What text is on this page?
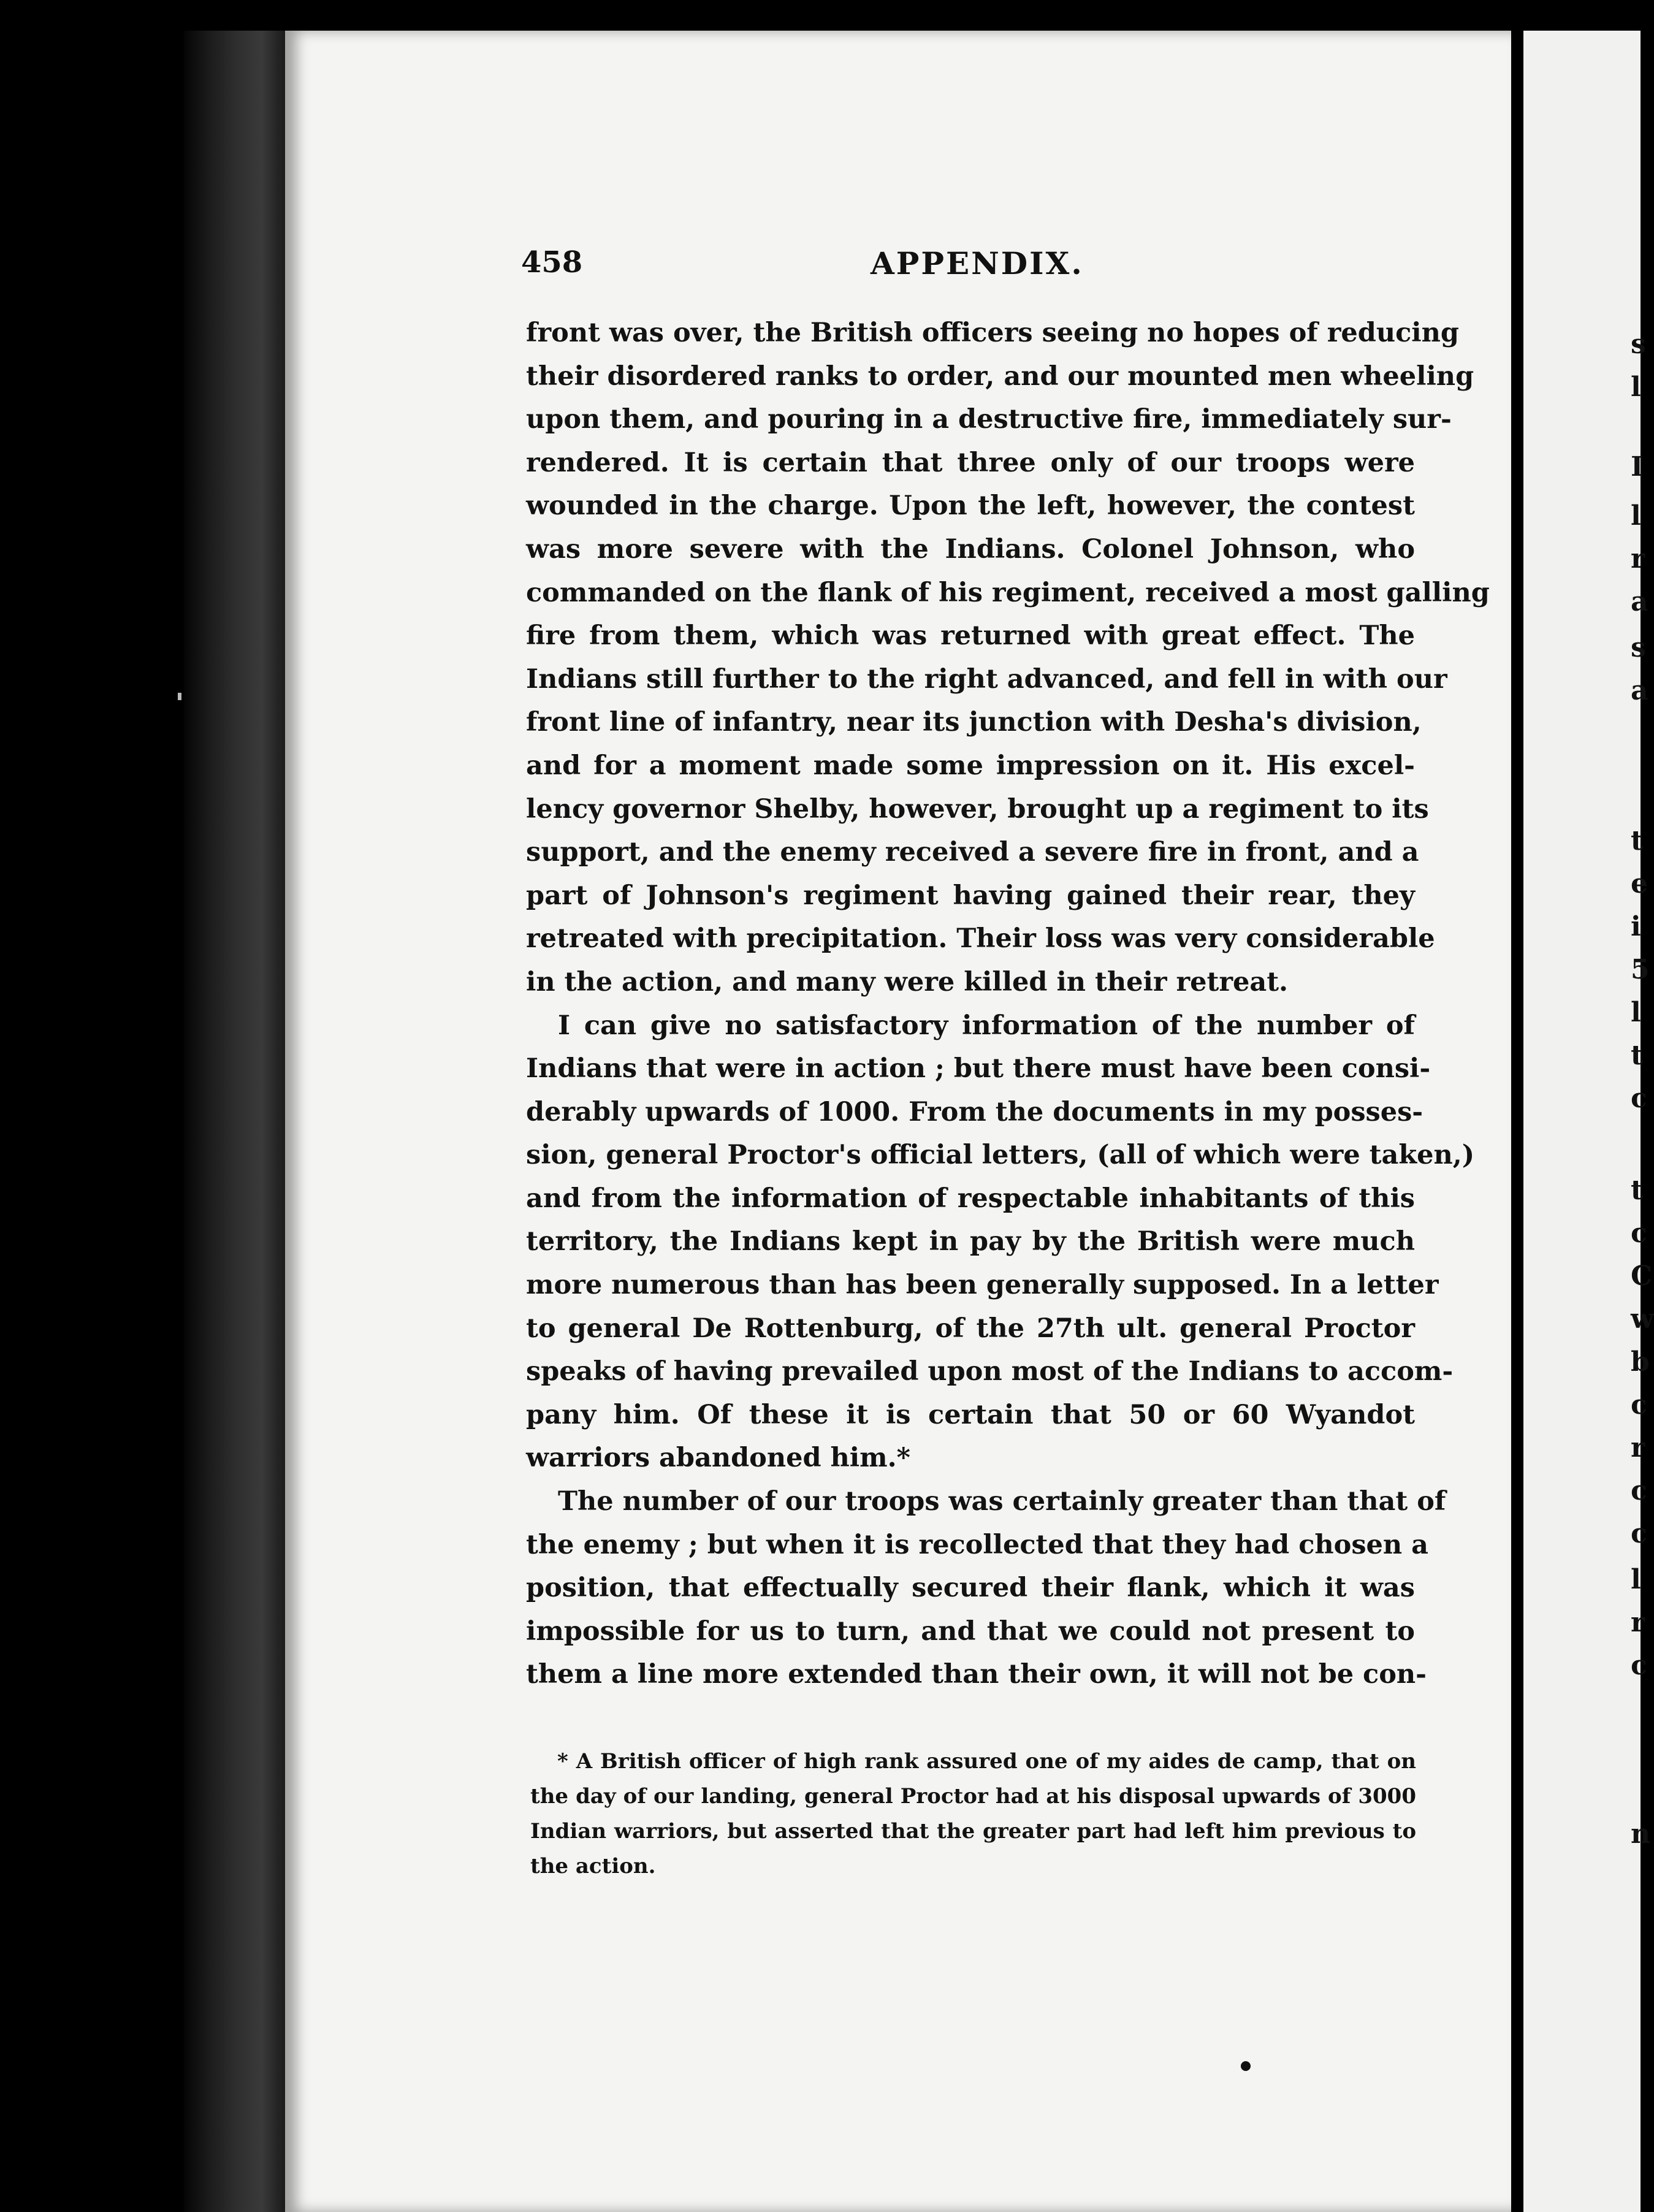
s
l
I
l
r
a
s
a
t
e
i
5
l
t
c
t
c
C
w
b
c
r
c
c
l
r
c
n
458	APPENDIX.
front was over, the British officers seeing no hopes of reducing
their disordered ranks to order, and our mounted men wheeling
upon them, and pouring in a destructive fire, immediately sur-
rendered. It is certain that three only of our troops were
wounded in the charge. Upon the left, however, the contest
was more severe with the Indians. Colonel Johnson, who
commanded on the flank of his regiment, received a most galling
fire from them, which was returned with great effect. The
Indians still further to the right advanced, and fell in with our
front line of infantry, near its junction with Desha's division,
and for a moment made some impression on it. His excel-
lency governor Shelby, however, brought up a regiment to its
support, and the enemy received a severe fire in front, and a
part of Johnson's regiment having gained their rear, they
retreated with precipitation. Their loss was very considerable
in the action, and many were killed in their retreat.
I can give no satisfactory information of the number of
Indians that were in action ; but there must have been consi-
derably upwards of 1000. From the documents in my posses-
sion, general Proctor's official letters, (all of which were taken,)
and from the information of respectable inhabitants of this
territory, the Indians kept in pay by the British were much
more numerous than has been generally supposed. In a letter
to general De Rottenburg, of the 27th ult. general Proctor
speaks of having prevailed upon most of the Indians to accom-
pany him. Of these it is certain that 50 or 60 Wyandot
warriors abandoned him.*
The number of our troops was certainly greater than that of
the enemy ; but when it is recollected that they had chosen a
position, that effectually secured their flank, which it was
impossible for us to turn, and that we could not present to
them a line more extended than their own, it will not be con-
* A British officer of high rank assured one of my aides de camp, that on
the day of our landing, general Proctor had at his disposal upwards of 3000
Indian warriors, but asserted that the greater part had left him previous to
the action.
